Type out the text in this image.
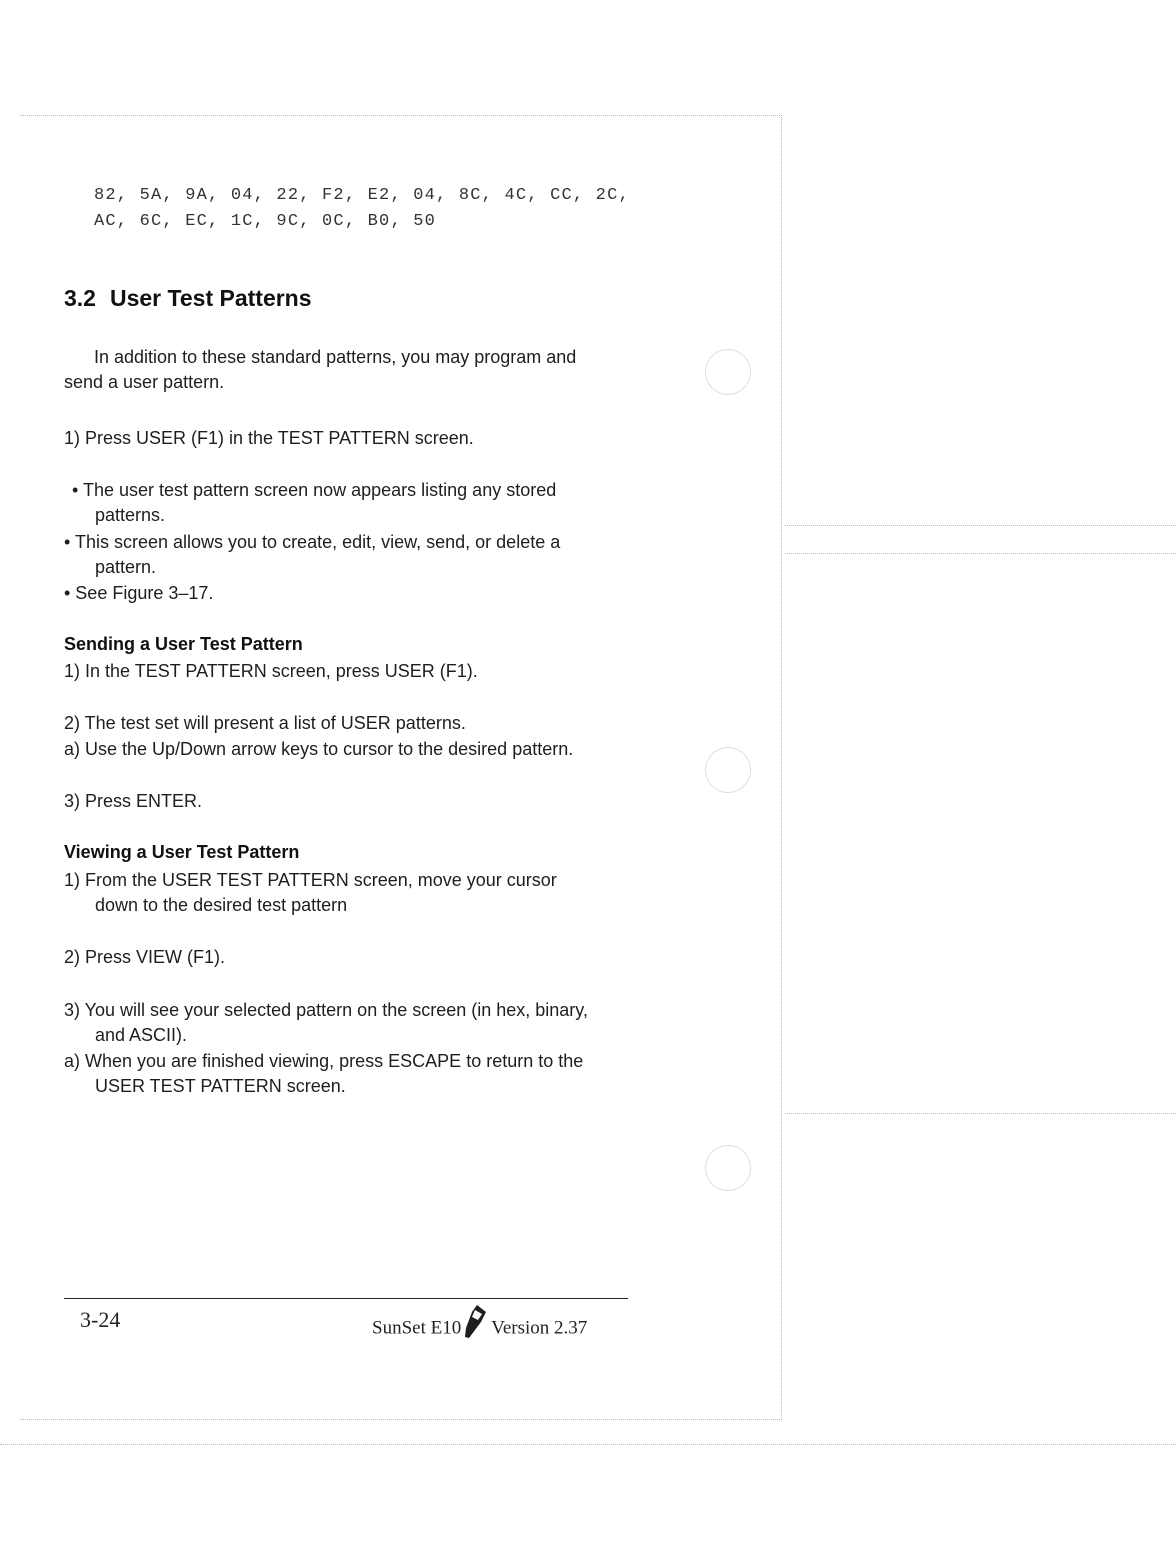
82, 5A, 9A, 04, 22, F2, E2, 04, 8C, 4C, CC, 2C,
AC, 6C, EC, 1C, 9C, 0C, B0, 50
3.2 User Test Patterns
In addition to these standard patterns, you may program and
send a user pattern.
1) Press USER (F1) in the TEST PATTERN screen.
• The user test pattern screen now appears listing any stored
patterns.
• This screen allows you to create, edit, view, send, or delete a
pattern.
• See Figure 3–17.
Sending a User Test Pattern
1) In the TEST PATTERN screen, press USER (F1).
2) The test set will present a list of USER patterns.
a) Use the Up/Down arrow keys to cursor to the desired pattern.
3) Press ENTER.
Viewing a User Test Pattern
1) From the USER TEST PATTERN screen, move your cursor
down to the desired test pattern
2) Press VIEW (F1).
3) You will see your selected pattern on the screen (in hex, binary,
and ASCII).
a) When you are finished viewing, press ESCAPE to return to the
USER TEST PATTERN screen.
3-24	SunSet E10 Version 2.37
